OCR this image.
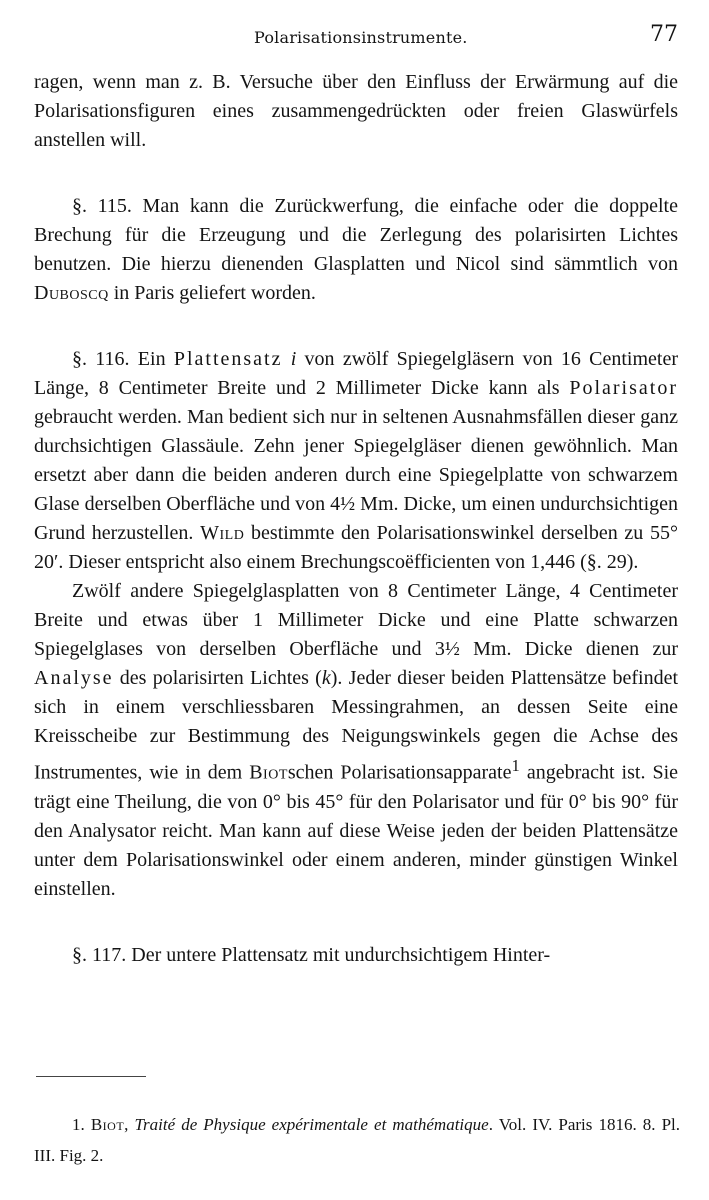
Polarisationsinstrumente.	77

ragen, wenn man z. B. Versuche über den Einfluss der Erwärmung auf die Polarisationsfiguren eines zusammengedrückten oder freien Glaswürfels anstellen will.

§. 115. Man kann die Zurückwerfung, die einfache oder die doppelte Brechung für die Erzeugung und die Zerlegung des polarisirten Lichtes benutzen. Die hierzu dienenden Glasplatten und Nicol sind sämmtlich von Duboscq in Paris geliefert worden.

§. 116. Ein Plattensatz i von zwölf Spiegelgläsern von 16 Centimeter Länge, 8 Centimeter Breite und 2 Millimeter Dicke kann als Polarisator gebraucht werden. Man bedient sich nur in seltenen Ausnahmsfällen dieser ganz durchsichtigen Glassäule. Zehn jener Spiegelgläser dienen gewöhnlich. Man ersetzt aber dann die beiden anderen durch eine Spiegelplatte von schwarzem Glase derselben Oberfläche und von 4½ Mm. Dicke, um einen undurchsichtigen Grund herzustellen. Wild bestimmte den Polarisationswinkel derselben zu 55° 20′. Dieser entspricht also einem Brechungscoëfficienten von 1,446 (§. 29).

Zwölf andere Spiegelglasplatten von 8 Centimeter Länge, 4 Centimeter Breite und etwas über 1 Millimeter Dicke und eine Platte schwarzen Spiegelglases von derselben Oberfläche und 3½ Mm. Dicke dienen zur Analyse des polarisirten Lichtes (k). Jeder dieser beiden Plattensätze befindet sich in einem verschliessbaren Messingrahmen, an dessen Seite eine Kreisscheibe zur Bestimmung des Neigungswinkels gegen die Achse des Instrumentes, wie in dem Biotschen Polarisationsapparate$^1$ angebracht ist. Sie trägt eine Theilung, die von 0° bis 45° für den Polarisator und für 0° bis 90° für den Analysator reicht. Man kann auf diese Weise jeden der beiden Plattensätze unter dem Polarisationswinkel oder einem anderen, minder günstigen Winkel einstellen.

§. 117. Der untere Plattensatz mit undurchsichtigem Hinter-

1. Biot, Traité de Physique expérimentale et mathématique. Vol. IV. Paris 1816. 8. Pl. III. Fig. 2.
